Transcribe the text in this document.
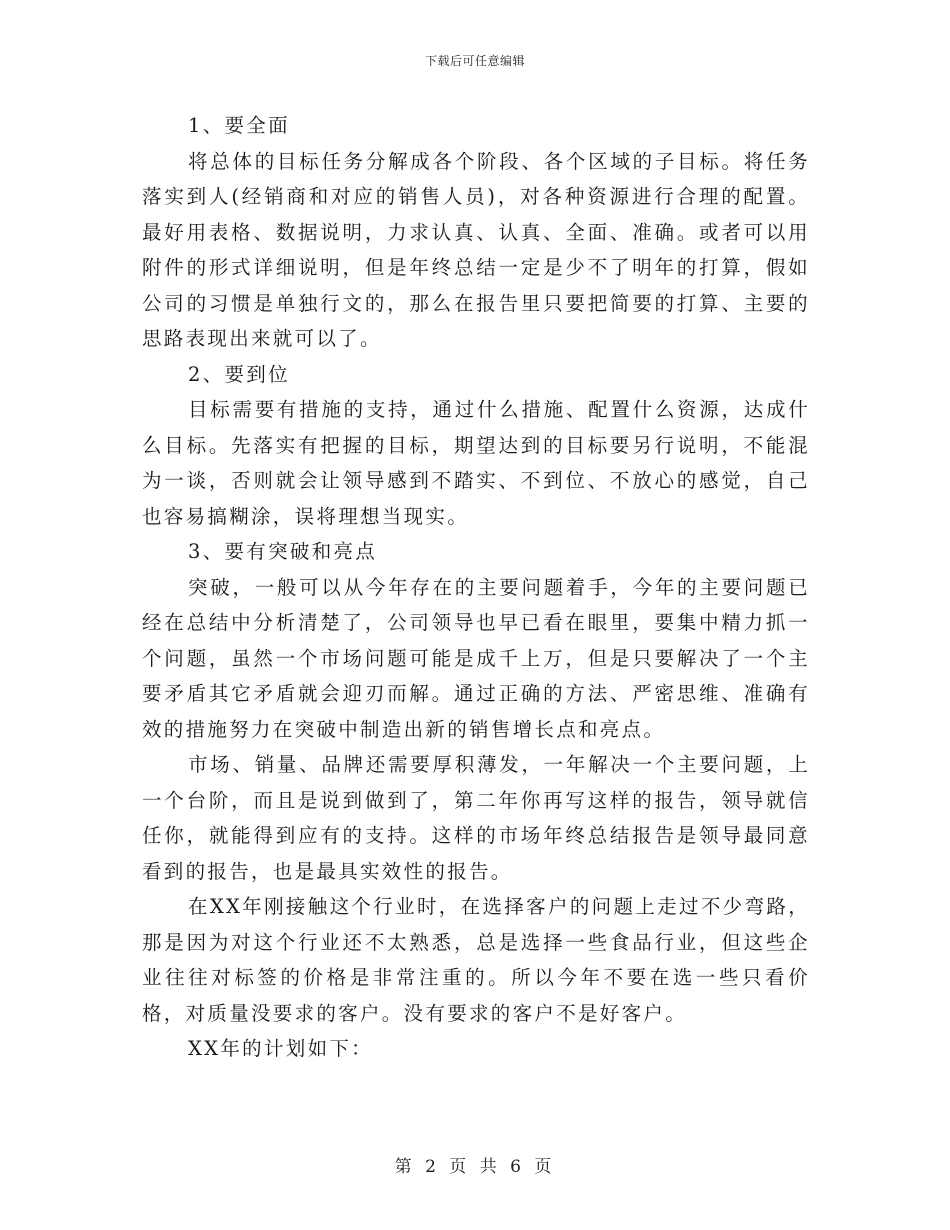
下载后可任意编辑

1、要全面

将总体的目标任务分解成各个阶段、各个区域的子目标。将任务落实到人(经销商和对应的销售人员)，对各种资源进行合理的配置。最好用表格、数据说明，力求认真、认真、全面、准确。或者可以用附件的形式详细说明，但是年终总结一定是少不了明年的打算，假如公司的习惯是单独行文的，那么在报告里只要把简要的打算、主要的思路表现出来就可以了。

2、要到位

目标需要有措施的支持，通过什么措施、配置什么资源，达成什么目标。先落实有把握的目标，期望达到的目标要另行说明，不能混为一谈，否则就会让领导感到不踏实、不到位、不放心的感觉，自己也容易搞糊涂，误将理想当现实。

3、要有突破和亮点

突破，一般可以从今年存在的主要问题着手，今年的主要问题已经在总结中分析清楚了，公司领导也早已看在眼里，要集中精力抓一个问题，虽然一个市场问题可能是成千上万，但是只要解决了一个主要矛盾其它矛盾就会迎刃而解。通过正确的方法、严密思维、准确有效的措施努力在突破中制造出新的销售增长点和亮点。

市场、销量、品牌还需要厚积薄发，一年解决一个主要问题，上一个台阶，而且是说到做到了，第二年你再写这样的报告，领导就信任你，就能得到应有的支持。这样的市场年终总结报告是领导最同意看到的报告，也是最具实效性的报告。

在XX年刚接触这个行业时，在选择客户的问题上走过不少弯路，那是因为对这个行业还不太熟悉，总是选择一些食品行业，但这些企业往往对标签的价格是非常注重的。所以今年不要在选一些只看价格，对质量没要求的客户。没有要求的客户不是好客户。

XX年的计划如下：

第 2 页 共 6 页
